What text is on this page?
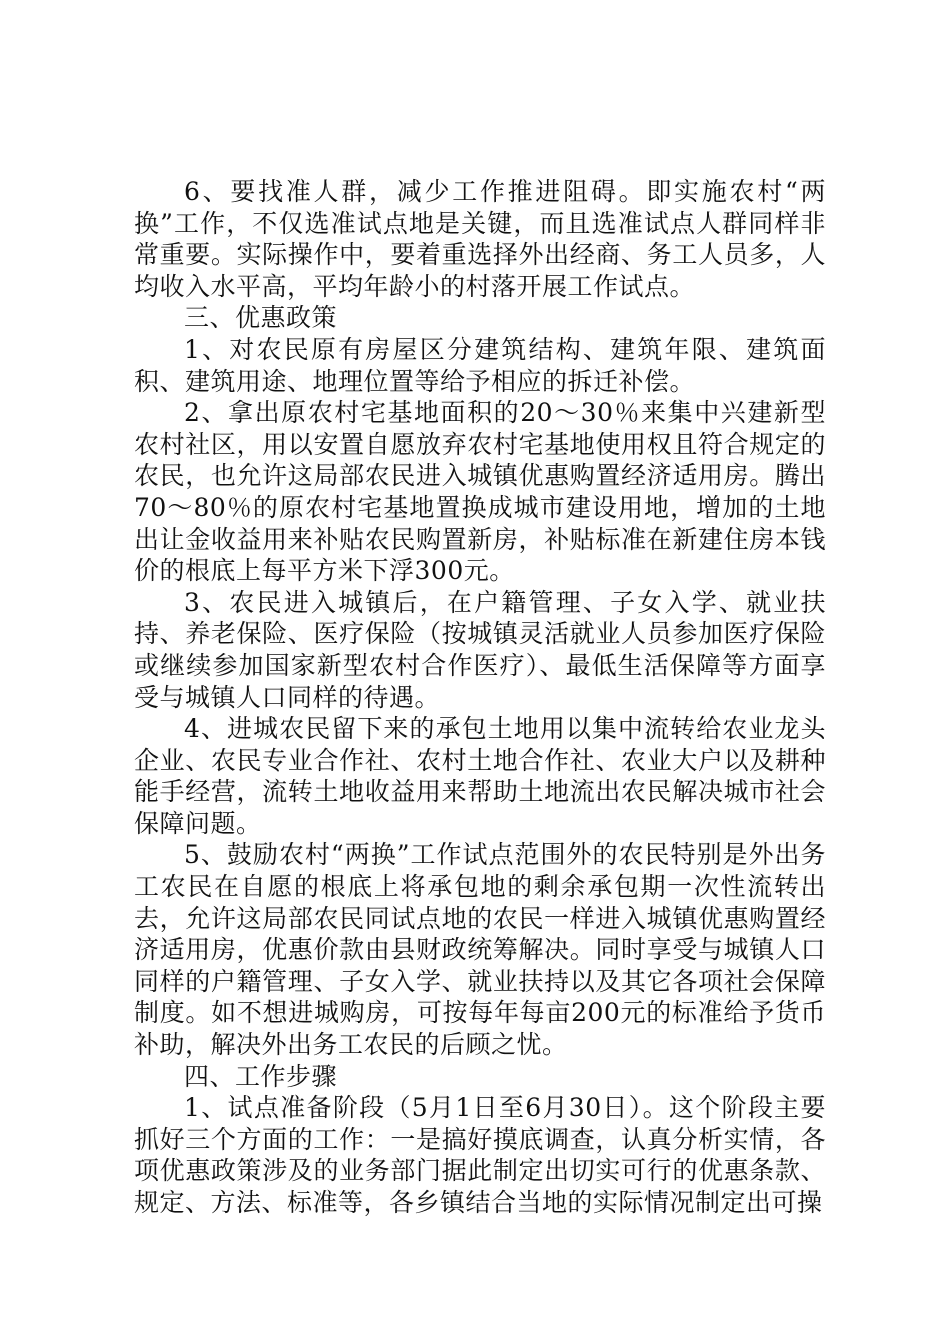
6、要找准人群，减少工作推进阻碍。即实施农村“两换”工作，不仅选准试点地是关键，而且选准试点人群同样非常重要。实际操作中，要着重选择外出经商、务工人员多，人均收入水平高，平均年龄小的村落开展工作试点。

三、优惠政策

1、对农民原有房屋区分建筑结构、建筑年限、建筑面积、建筑用途、地理位置等给予相应的拆迁补偿。

2、拿出原农村宅基地面积的20～30％来集中兴建新型农村社区，用以安置自愿放弃农村宅基地使用权且符合规定的农民，也允许这局部农民进入城镇优惠购置经济适用房。腾出70～80％的原农村宅基地置换成城市建设用地，增加的土地出让金收益用来补贴农民购置新房，补贴标准在新建住房本钱价的根底上每平方米下浮300元。

3、农民进入城镇后，在户籍管理、子女入学、就业扶持、养老保险、医疗保险（按城镇灵活就业人员参加医疗保险或继续参加国家新型农村合作医疗）、最低生活保障等方面享受与城镇人口同样的待遇。

4、进城农民留下来的承包土地用以集中流转给农业龙头企业、农民专业合作社、农村土地合作社、农业大户以及耕种能手经营，流转土地收益用来帮助土地流出农民解决城市社会保障问题。

5、鼓励农村“两换”工作试点范围外的农民特别是外出务工农民在自愿的根底上将承包地的剩余承包期一次性流转出去，允许这局部农民同试点地的农民一样进入城镇优惠购置经济适用房，优惠价款由县财政统筹解决。同时享受与城镇人口同样的户籍管理、子女入学、就业扶持以及其它各项社会保障制度。如不想进城购房，可按每年每亩200元的标准给予货币补助，解决外出务工农民的后顾之忧。

四、工作步骤

1、试点准备阶段（5月1日至6月30日）。这个阶段主要抓好三个方面的工作：一是搞好摸底调查，认真分析实情，各项优惠政策涉及的业务部门据此制定出切实可行的优惠条款、规定、方法、标准等，各乡镇结合当地的实际情况制定出可操
